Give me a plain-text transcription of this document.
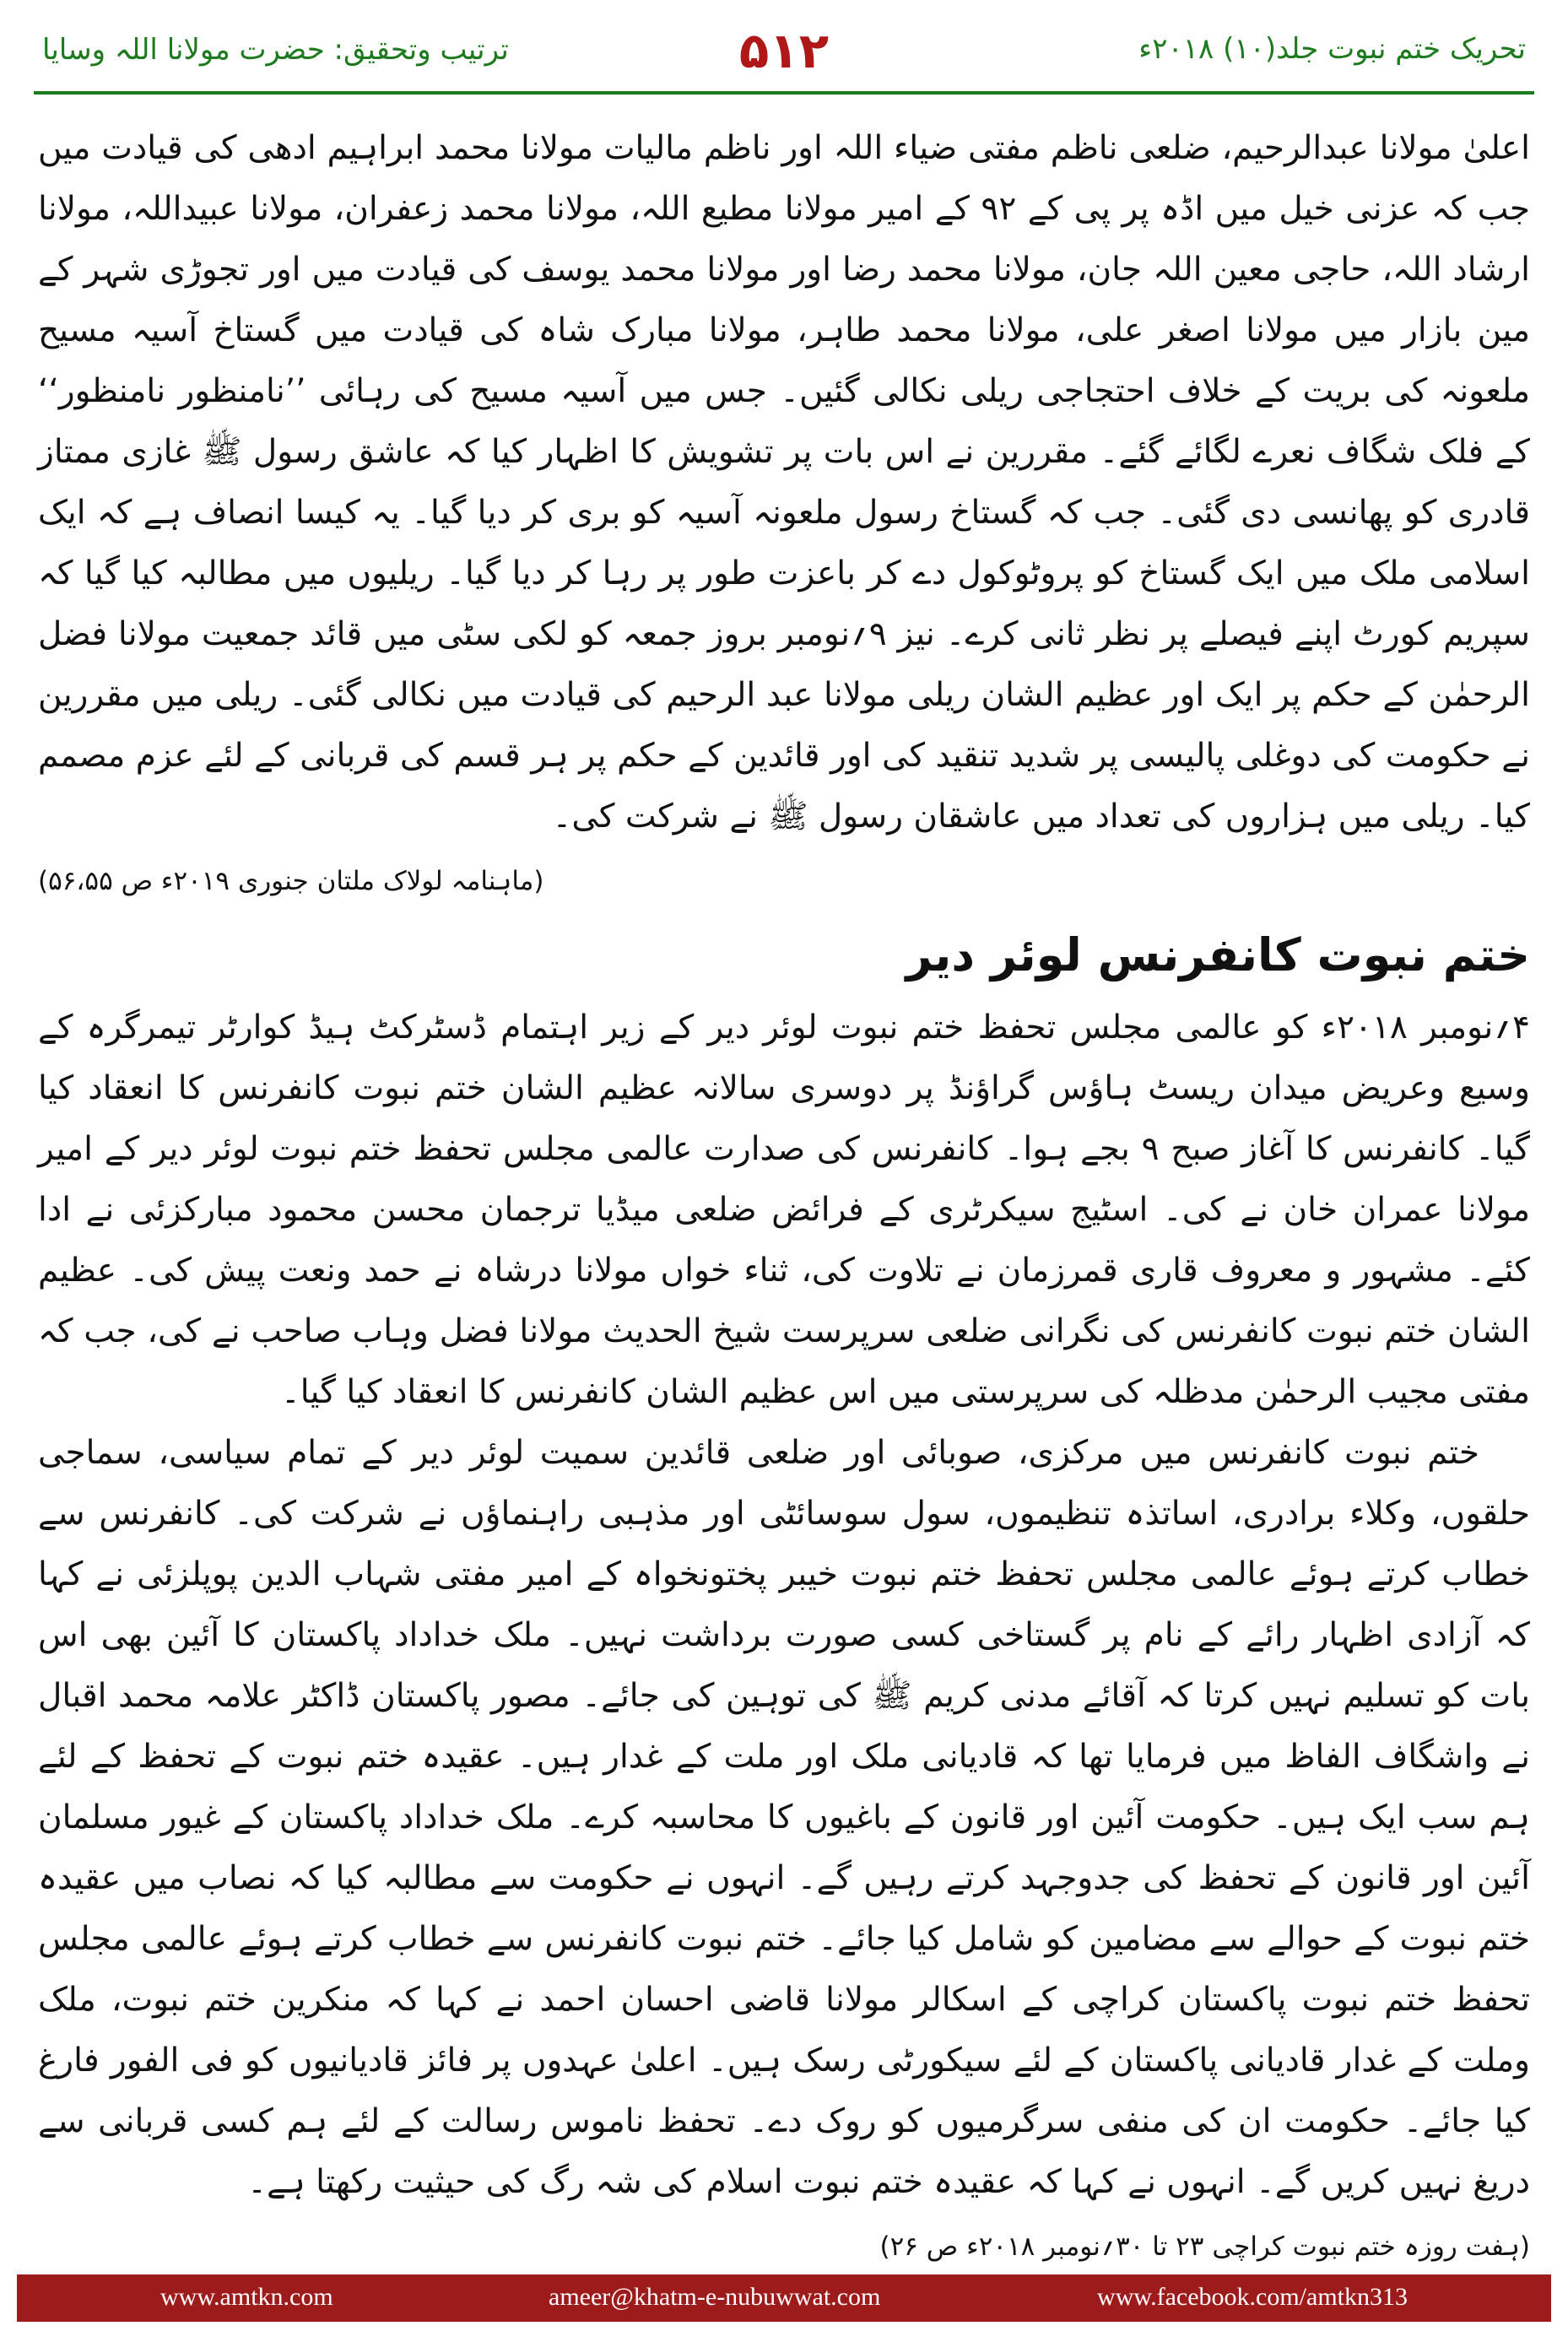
ترتیب وتحقیق: حضرت مولانا اللہ وسایا	۵۱۲	تحریک ختم نبوت جلد(۱۰) ۲۰۱۸ء

اعلیٰ مولانا عبدالرحیم، ضلعی ناظم مفتی ضیاء اللہ اور ناظم مالیات مولانا محمد ابراہیم ادھی کی قیادت میں جب کہ عزنی خیل میں اڈہ پر پی کے ۹۲ کے امیر مولانا مطیع اللہ، مولانا محمد زعفران، مولانا عبیداللہ، مولانا ارشاد اللہ، حاجی معین اللہ جان، مولانا محمد رضا اور مولانا محمد یوسف کی قیادت میں اور تجوڑی شہر کے مین بازار میں مولانا اصغر علی، مولانا محمد طاہر، مولانا مبارک شاہ کی قیادت میں گستاخ آسیہ مسیح ملعونہ کی بریت کے خلاف احتجاجی ریلی نکالی گئیں۔ جس میں آسیہ مسیح کی رہائی ’’نامنظور نامنظور‘‘ کے فلک شگاف نعرے لگائے گئے۔ مقررین نے اس بات پر تشویش کا اظہار کیا کہ عاشق رسول ﷺ غازی ممتاز قادری کو پھانسی دی گئی۔ جب کہ گستاخ رسول ملعونہ آسیہ کو بری کر دیا گیا۔ یہ کیسا انصاف ہے کہ ایک اسلامی ملک میں ایک گستاخ کو پروٹوکول دے کر باعزت طور پر رہا کر دیا گیا۔ ریلیوں میں مطالبہ کیا گیا کہ سپریم کورٹ اپنے فیصلے پر نظر ثانی کرے۔ نیز ۹؍نومبر بروز جمعہ کو لکی سٹی میں قائد جمعیت مولانا فضل الرحمٰن کے حکم پر ایک اور عظیم الشان ریلی مولانا عبد الرحیم کی قیادت میں نکالی گئی۔ ریلی میں مقررین نے حکومت کی دوغلی پالیسی پر شدید تنقید کی اور قائدین کے حکم پر ہر قسم کی قربانی کے لئے عزم مصمم کیا۔ ریلی میں ہزاروں کی تعداد میں عاشقان رسول ﷺ نے شرکت کی۔

(ماہنامہ لولاک ملتان جنوری ۲۰۱۹ء ص ۵۶،۵۵)

ختم نبوت کانفرنس لوئر دیر

۴؍نومبر ۲۰۱۸ء کو عالمی مجلس تحفظ ختم نبوت لوئر دیر کے زیر اہتمام ڈسٹرکٹ ہیڈ کوارٹر تیمرگرہ کے وسیع وعریض میدان ریسٹ ہاؤس گراؤنڈ پر دوسری سالانہ عظیم الشان ختم نبوت کانفرنس کا انعقاد کیا گیا۔ کانفرنس کا آغاز صبح ۹ بجے ہوا۔ کانفرنس کی صدارت عالمی مجلس تحفظ ختم نبوت لوئر دیر کے امیر مولانا عمران خان نے کی۔ اسٹیج سیکرٹری کے فرائض ضلعی میڈیا ترجمان محسن محمود مبارکزئی نے ادا کئے۔ مشہور و معروف قاری قمرزمان نے تلاوت کی، ثناء خواں مولانا درشاہ نے حمد ونعت پیش کی۔ عظیم الشان ختم نبوت کانفرنس کی نگرانی ضلعی سرپرست شیخ الحدیث مولانا فضل وہاب صاحب نے کی، جب کہ مفتی مجیب الرحمٰن مدظلہ کی سرپرستی میں اس عظیم الشان کانفرنس کا انعقاد کیا گیا۔

ختم نبوت کانفرنس میں مرکزی، صوبائی اور ضلعی قائدین سمیت لوئر دیر کے تمام سیاسی، سماجی حلقوں، وکلاء برادری، اساتذہ تنظیموں، سول سوسائٹی اور مذہبی راہنماؤں نے شرکت کی۔ کانفرنس سے خطاب کرتے ہوئے عالمی مجلس تحفظ ختم نبوت خیبر پختونخواہ کے امیر مفتی شہاب الدین پوپلزئی نے کہا کہ آزادی اظہار رائے کے نام پر گستاخی کسی صورت برداشت نہیں۔ ملک خداداد پاکستان کا آئین بھی اس بات کو تسلیم نہیں کرتا کہ آقائے مدنی کریم ﷺ کی توہین کی جائے۔ مصور پاکستان ڈاکٹر علامہ محمد اقبال نے واشگاف الفاظ میں فرمایا تھا کہ قادیانی ملک اور ملت کے غدار ہیں۔ عقیدہ ختم نبوت کے تحفظ کے لئے ہم سب ایک ہیں۔ حکومت آئین اور قانون کے باغیوں کا محاسبہ کرے۔ ملک خداداد پاکستان کے غیور مسلمان آئین اور قانون کے تحفظ کی جدوجہد کرتے رہیں گے۔ انہوں نے حکومت سے مطالبہ کیا کہ نصاب میں عقیدہ ختم نبوت کے حوالے سے مضامین کو شامل کیا جائے۔ ختم نبوت کانفرنس سے خطاب کرتے ہوئے عالمی مجلس تحفظ ختم نبوت پاکستان کراچی کے اسکالر مولانا قاضی احسان احمد نے کہا کہ منکرین ختم نبوت، ملک وملت کے غدار قادیانی پاکستان کے لئے سیکورٹی رسک ہیں۔ اعلیٰ عہدوں پر فائز قادیانیوں کو فی الفور فارغ کیا جائے۔ حکومت ان کی منفی سرگرمیوں کو روک دے۔ تحفظ ناموس رسالت کے لئے ہم کسی قربانی سے دریغ نہیں کریں گے۔ انہوں نے کہا کہ عقیدہ ختم نبوت اسلام کی شہ رگ کی حیثیت رکھتا ہے۔

(ہفت روزہ ختم نبوت کراچی ۲۳ تا ۳۰؍نومبر ۲۰۱۸ء ص ۲۶)

www.amtkn.com	ameer@khatm-e-nubuwwat.com	www.facebook.com/amtkn313
